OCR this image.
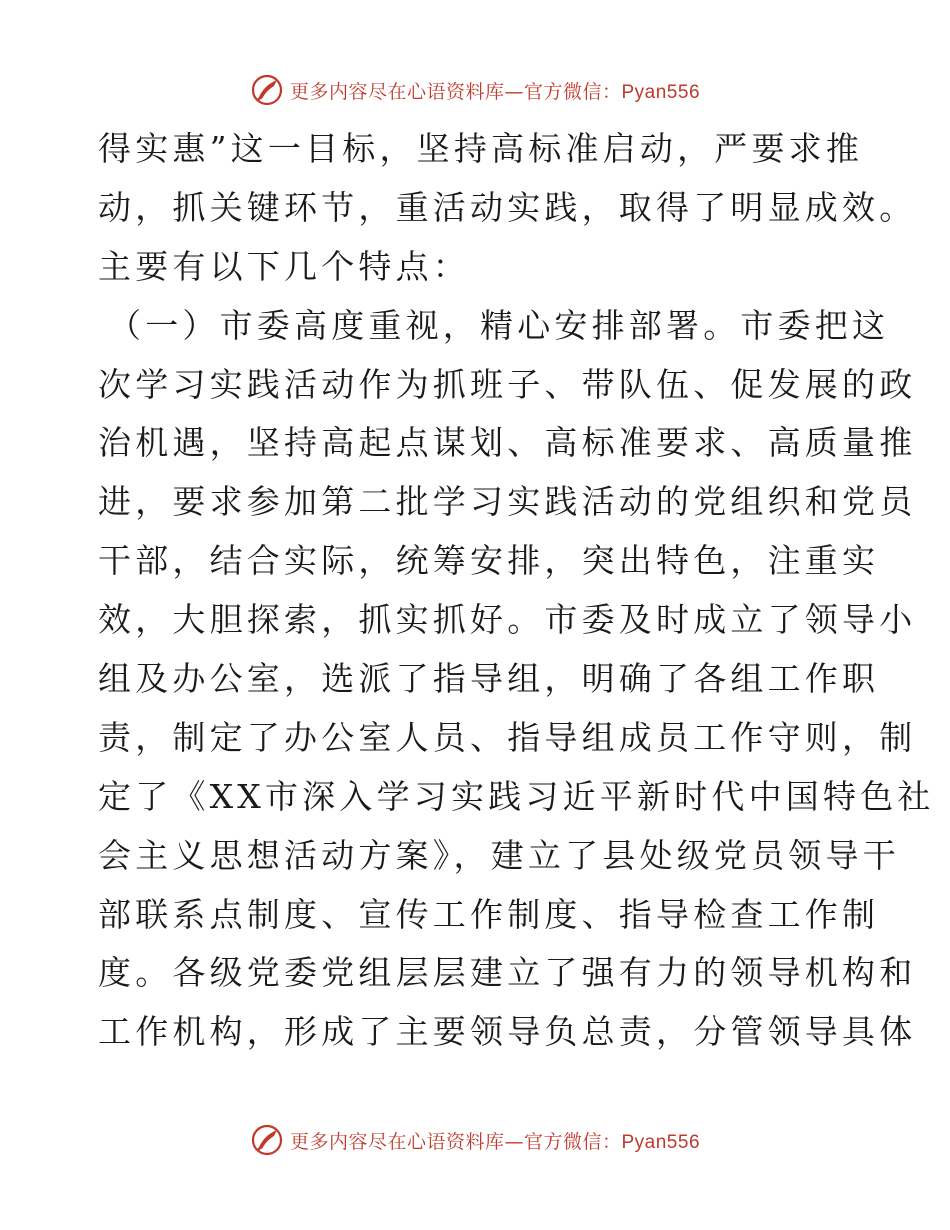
更多内容尽在心语资料库—官方微信：Pyan556
得实惠”这一目标，坚持高标准启动，严要求推
动，抓关键环节，重活动实践，取得了明显成效。
主要有以下几个特点：
（一）市委高度重视，精心安排部署。市委把这
次学习实践活动作为抓班子、带队伍、促发展的政
治机遇，坚持高起点谋划、高标准要求、高质量推
进，要求参加第二批学习实践活动的党组织和党员
干部，结合实际，统筹安排，突出特色，注重实
效，大胆探索，抓实抓好。市委及时成立了领导小
组及办公室，选派了指导组，明确了各组工作职
责，制定了办公室人员、指导组成员工作守则，制
定了《XX市深入学习实践习近平新时代中国特色社
会主义思想活动方案》，建立了县处级党员领导干
部联系点制度、宣传工作制度、指导检查工作制
度。各级党委党组层层建立了强有力的领导机构和
工作机构，形成了主要领导负总责，分管领导具体
更多内容尽在心语资料库—官方微信：Pyan556
